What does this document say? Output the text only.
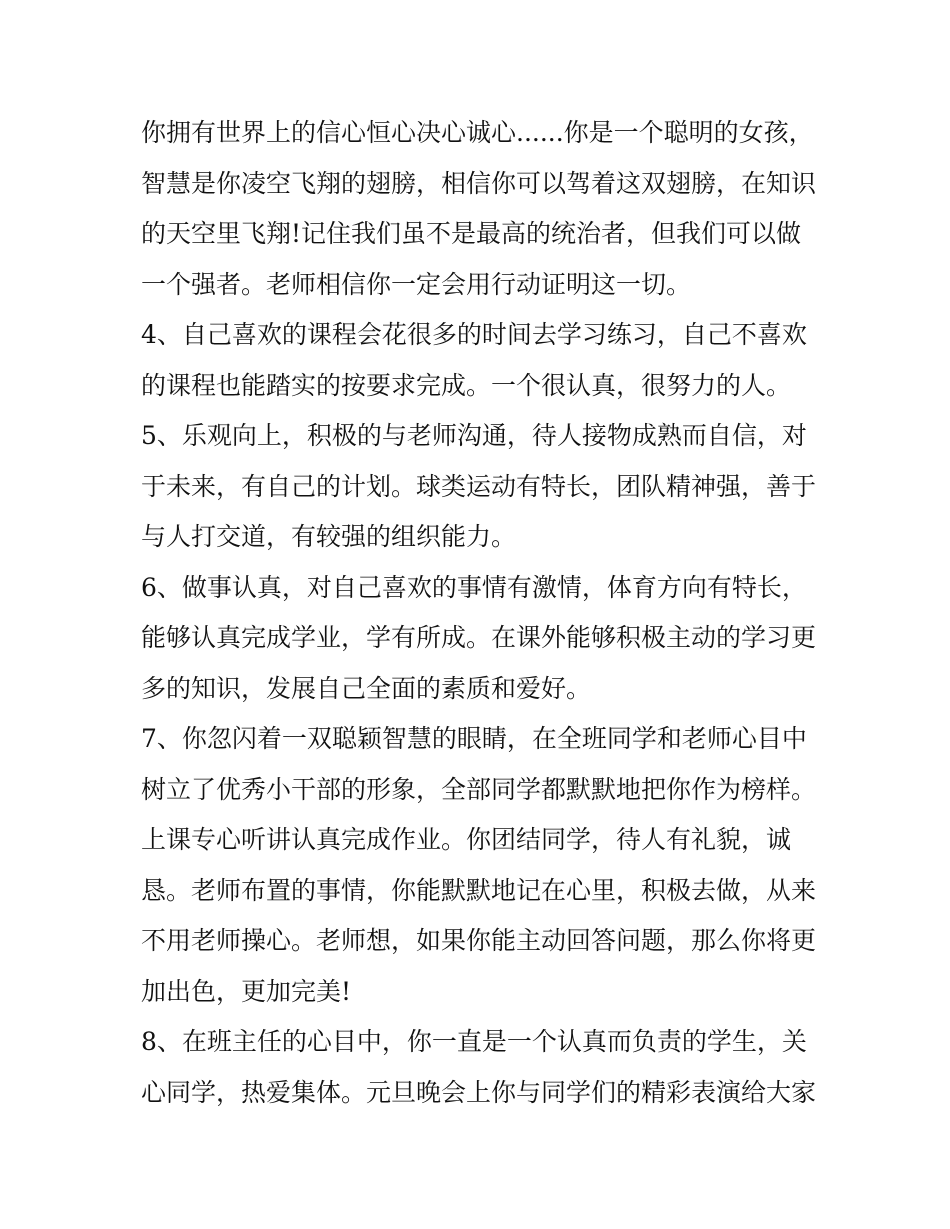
你拥有世界上的信心恒心决心诚心......你是一个聪明的女孩，
智慧是你凌空飞翔的翅膀，相信你可以驾着这双翅膀，在知识
的天空里飞翔!记住我们虽不是最高的统治者，但我们可以做
一个强者。老师相信你一定会用行动证明这一切。
4、自己喜欢的课程会花很多的时间去学习练习，自己不喜欢
的课程也能踏实的按要求完成。一个很认真，很努力的人。
5、乐观向上，积极的与老师沟通，待人接物成熟而自信，对
于未来，有自己的计划。球类运动有特长，团队精神强，善于
与人打交道，有较强的组织能力。
6、做事认真，对自己喜欢的事情有激情，体育方向有特长，
能够认真完成学业，学有所成。在课外能够积极主动的学习更
多的知识，发展自己全面的素质和爱好。
7、你忽闪着一双聪颖智慧的眼睛，在全班同学和老师心目中
树立了优秀小干部的形象，全部同学都默默地把你作为榜样。
上课专心听讲认真完成作业。你团结同学，待人有礼貌，诚
恳。老师布置的事情，你能默默地记在心里，积极去做，从来
不用老师操心。老师想，如果你能主动回答问题，那么你将更
加出色，更加完美!
8、在班主任的心目中，你一直是一个认真而负责的学生，关
心同学，热爱集体。元旦晚会上你与同学们的精彩表演给大家
